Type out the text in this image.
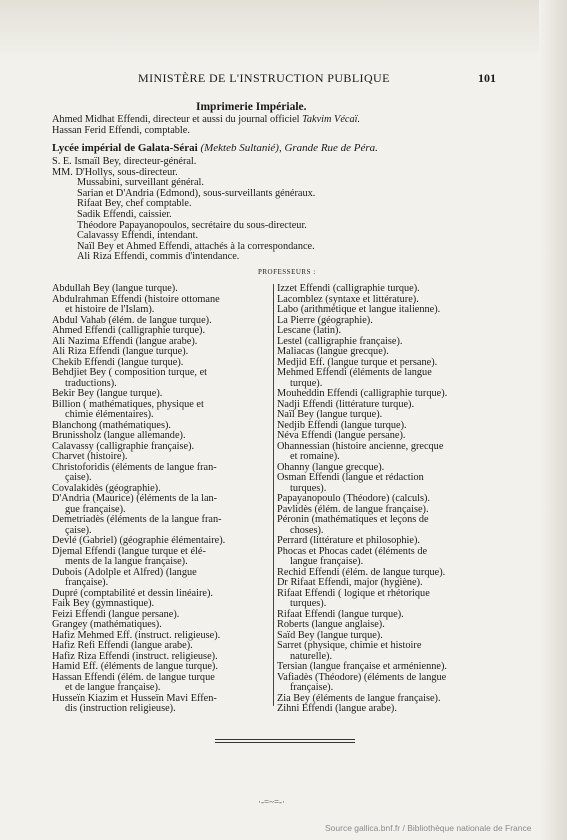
MINISTÈRE DE L'INSTRUCTION PUBLIQUE	101
Imprimerie Impériale.
Ahmed Midhat Effendi, directeur et aussi du journal officiel Takvim Vécaï.
Hassan Ferid Effendi, comptable.
Lycée impérial de Galata-Sérai (Mekteb Sultanié), Grande Rue de Péra.
S. E. Ismaïl Bey, directeur-général.
MM. D'Hollys, sous-directeur.
Mussabini, surveillant général.
Sarian et D'Andria (Edmond), sous-surveillants généraux.
Rifaat Bey, chef comptable.
Sadik Effendi, caissier.
Théodore Papayanopoulos, secrétaire du sous-directeur.
Calavassy Effendi, intendant.
Naïl Bey et Ahmed Effendi, attachés à la correspondance.
Ali Riza Effendi, commis d'intendance.
PROFESSEURS :
Abdullah Bey (langue turque).
Abdulrahman Effendi (histoire ottomane
et histoire de l'Islam).
Abdul Vahab (élém. de langue turque).
Ahmed Effendi (calligraphie turque).
Ali Nazima Effendi (langue arabe).
Ali Riza Effendi (langue turque).
Chekib Effendi (langue turque).
Behdjiet Bey ( composition turque, et
traductions).
Bekir Bey (langue turque).
Billion ( mathématiques, physique et
chimie élémentaires).
Blanchong (mathématiques).
Brunissholz (langue allemande).
Calavassy (calligraphie française).
Charvet (histoire).
Christoforidis (éléments de langue fran-
çaise).
Covalakidès (géographie).
D'Andria (Maurice) (éléments de la lan-
gue française).
Demetriadès (éléments de la langue fran-
çaise).
Devlé (Gabriel) (géographie élémentaire).
Djemal Effendi (langue turque et élé-
ments de la langue française).
Dubois (Adolple et Alfred) (langue
française).
Dupré (comptabilité et dessin linéaire).
Faik Bey (gymnastique).
Feizi Effendi (langue persane).
Grangey (mathématiques).
Hafiz Mehmed Eff. (instruct. religieuse).
Hafiz Refi Effendi (langue arabe).
Hafiz Riza Effendi (instruct. religieuse).
Hamid Eff. (éléments de langue turque).
Hassan Effendi (élém. de langue turque
et de langue française).
Husseïn Kiazim et Husseïn Mavi Effen-
dis (instruction religieuse).
Izzet Effendi (calligraphie turque).
Lacomblez (syntaxe et littérature).
Labo (arithmétique et langue italienne).
La Pierre (géographie).
Lescane (latin).
Lestel (calligraphie française).
Maliacas (langue grecque).
Medjid Eff. (langue turque et persane).
Mehmed Effendi (éléments de langue
turque).
Mouheddin Effendi (calligraphie turque).
Nadji Effendi (littérature turque).
Naïl Bey (langue turque).
Nedjib Effendi (langue turque).
Néva Effendi (langue persane).
Ohannessian (histoire ancienne, grecque
et romaine).
Ohanny (langue grecque).
Osman Effendi (langue et rédaction
turques).
Papayanopoulo (Théodore) (calculs).
Pavlidès (élém. de langue française).
Péronin (mathématiques et leçons de
choses).
Perrard (littérature et philosophie).
Phocas et Phocas cadet (éléments de
langue française).
Rechid Effendi (élém. de langue turque).
Dr Rifaat Effendi, major (hygiène).
Rifaat Effendi ( logique et rhétorique
turques).
Rifaat Effendi (langue turque).
Roberts (langue anglaise).
Saïd Bey (langue turque).
Sarret (physique, chimie et histoire
naturelle).
Tersian (langue française et arménienne).
Vafiadès (Théodore) (éléments de langue
française).
Zia Bey (éléments de langue française).
Zihni Effendi (langue arabe).
·-=~=-·
Source gallica.bnf.fr / Bibliothèque nationale de France
